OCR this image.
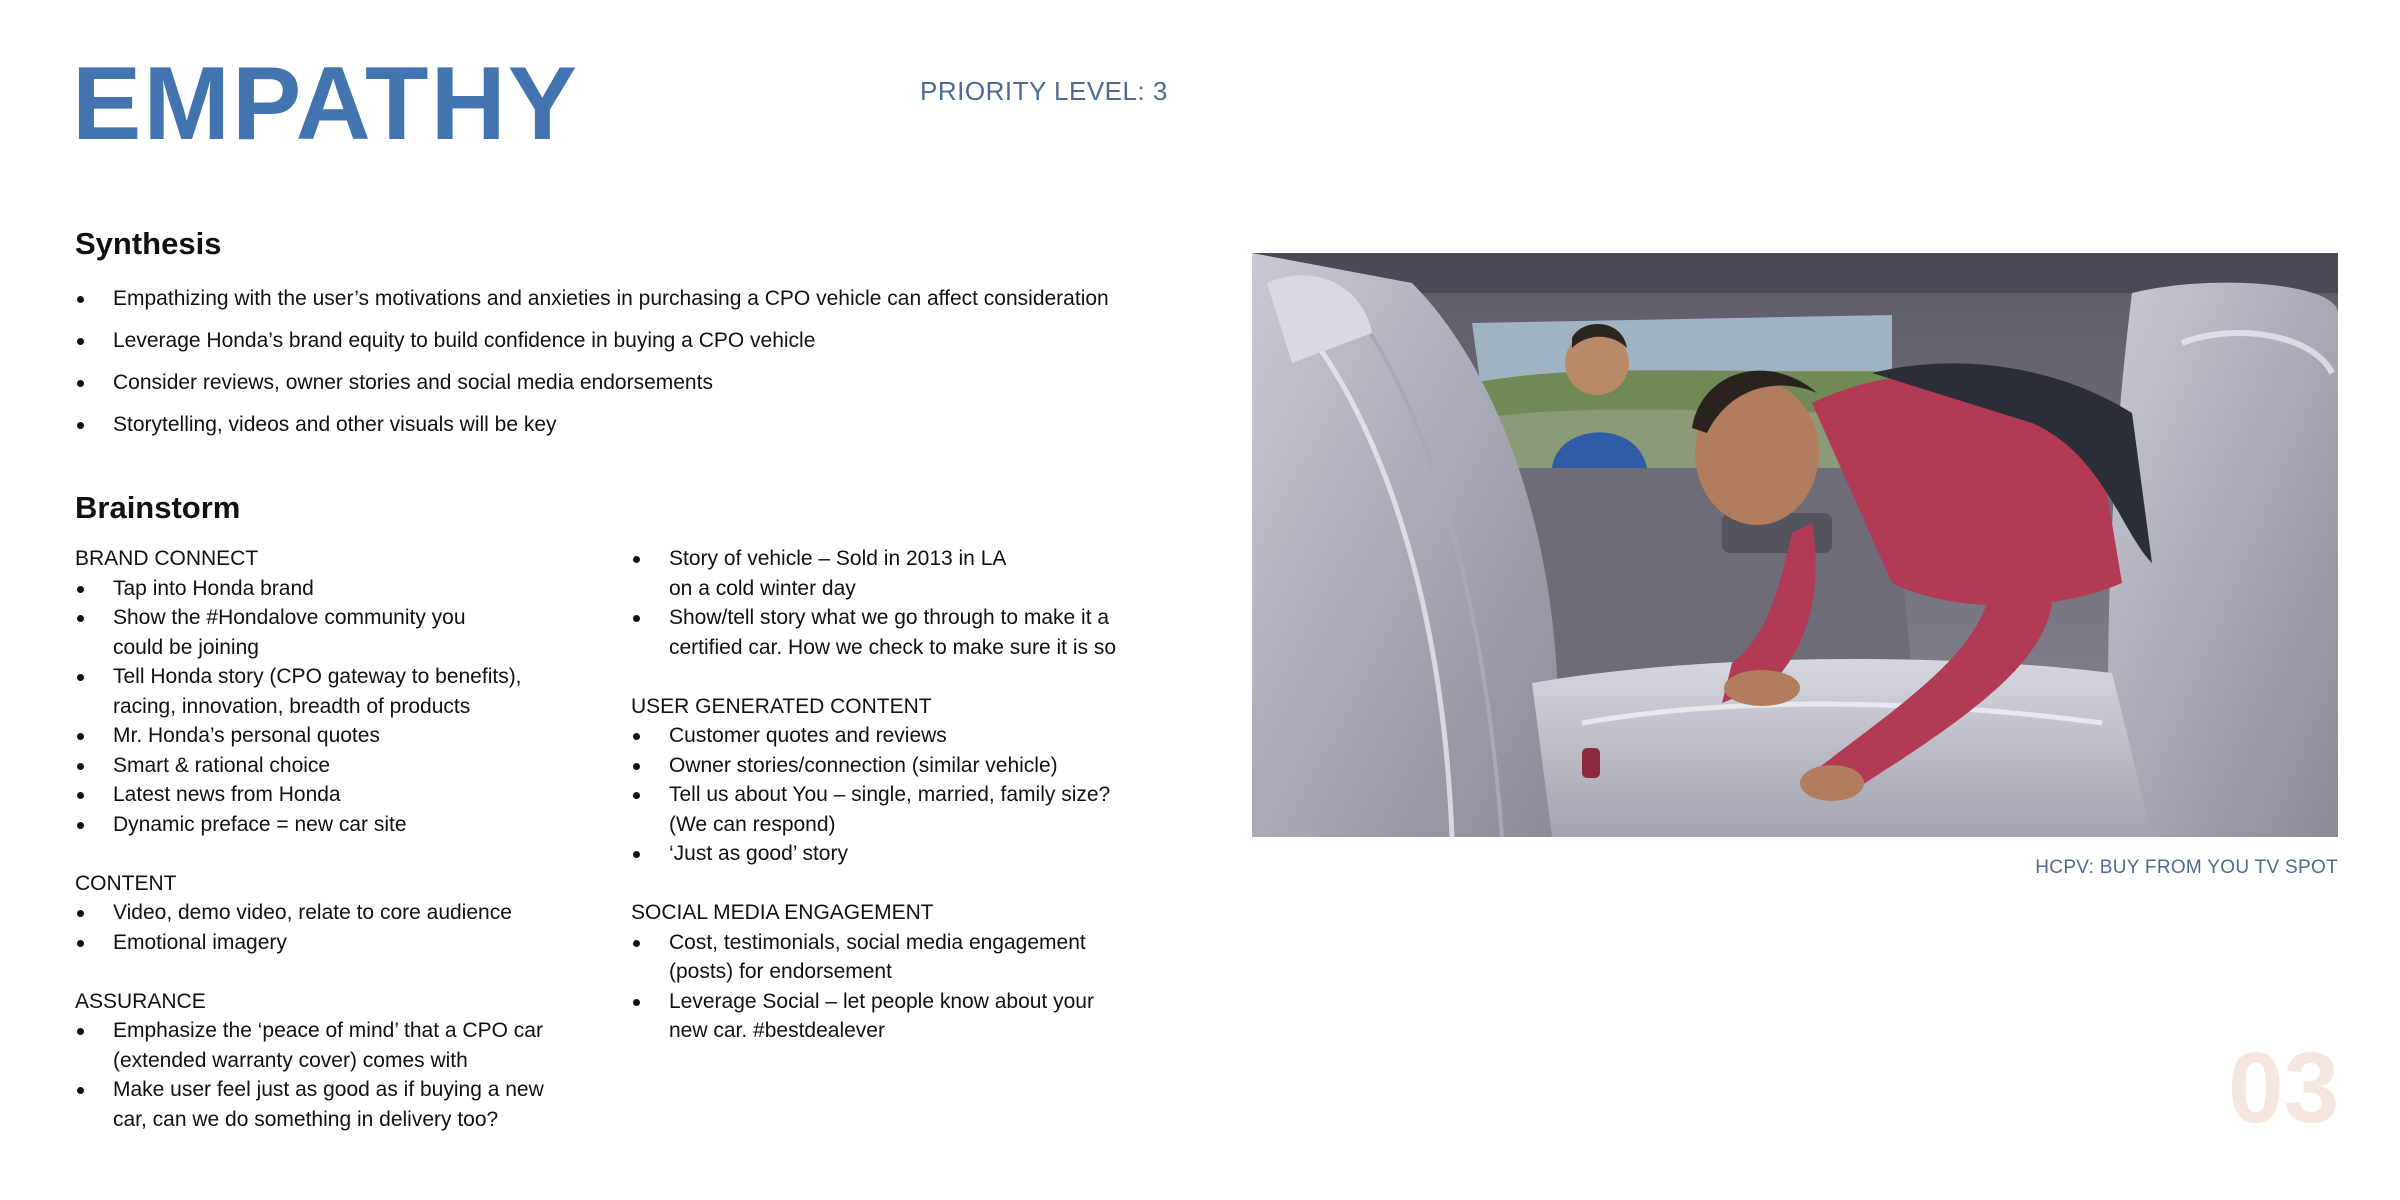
EMPATHY	PRIORITY LEVEL: 3
Synthesis
Empathizing with the user’s motivations and anxieties in purchasing a CPO vehicle can affect consideration
Leverage Honda’s brand equity to build confidence in buying a CPO vehicle
Consider reviews, owner stories and social media endorsements
Storytelling, videos and other visuals will be key
Brainstorm
BRAND CONNECT
Tap into Honda brand
Show the #Hondalove community you could be joining
Tell Honda story (CPO gateway to benefits), racing, innovation, breadth of products
Mr. Honda’s personal quotes
Smart & rational choice
Latest news from Honda
Dynamic preface = new car site
CONTENT
Video, demo video, relate to core audience
Emotional imagery
ASSURANCE
Emphasize the ‘peace of mind’ that a CPO car (extended warranty cover) comes with
Make user feel just as good as if buying a new car, can we do something in delivery too?
Story of vehicle – Sold in 2013 in LA on a cold winter day
Show/tell story what we go through to make it a certified car. How we check to make sure it is so
USER GENERATED CONTENT
Customer quotes and reviews
Owner stories/connection (similar vehicle)
Tell us about You – single, married, family size? (We can respond)
‘Just as good’ story
SOCIAL MEDIA ENGAGEMENT
Cost, testimonials, social media engagement (posts) for endorsement
Leverage Social – let people know about your new car. #bestdealever
HCPV: BUY FROM YOU TV SPOT
03
